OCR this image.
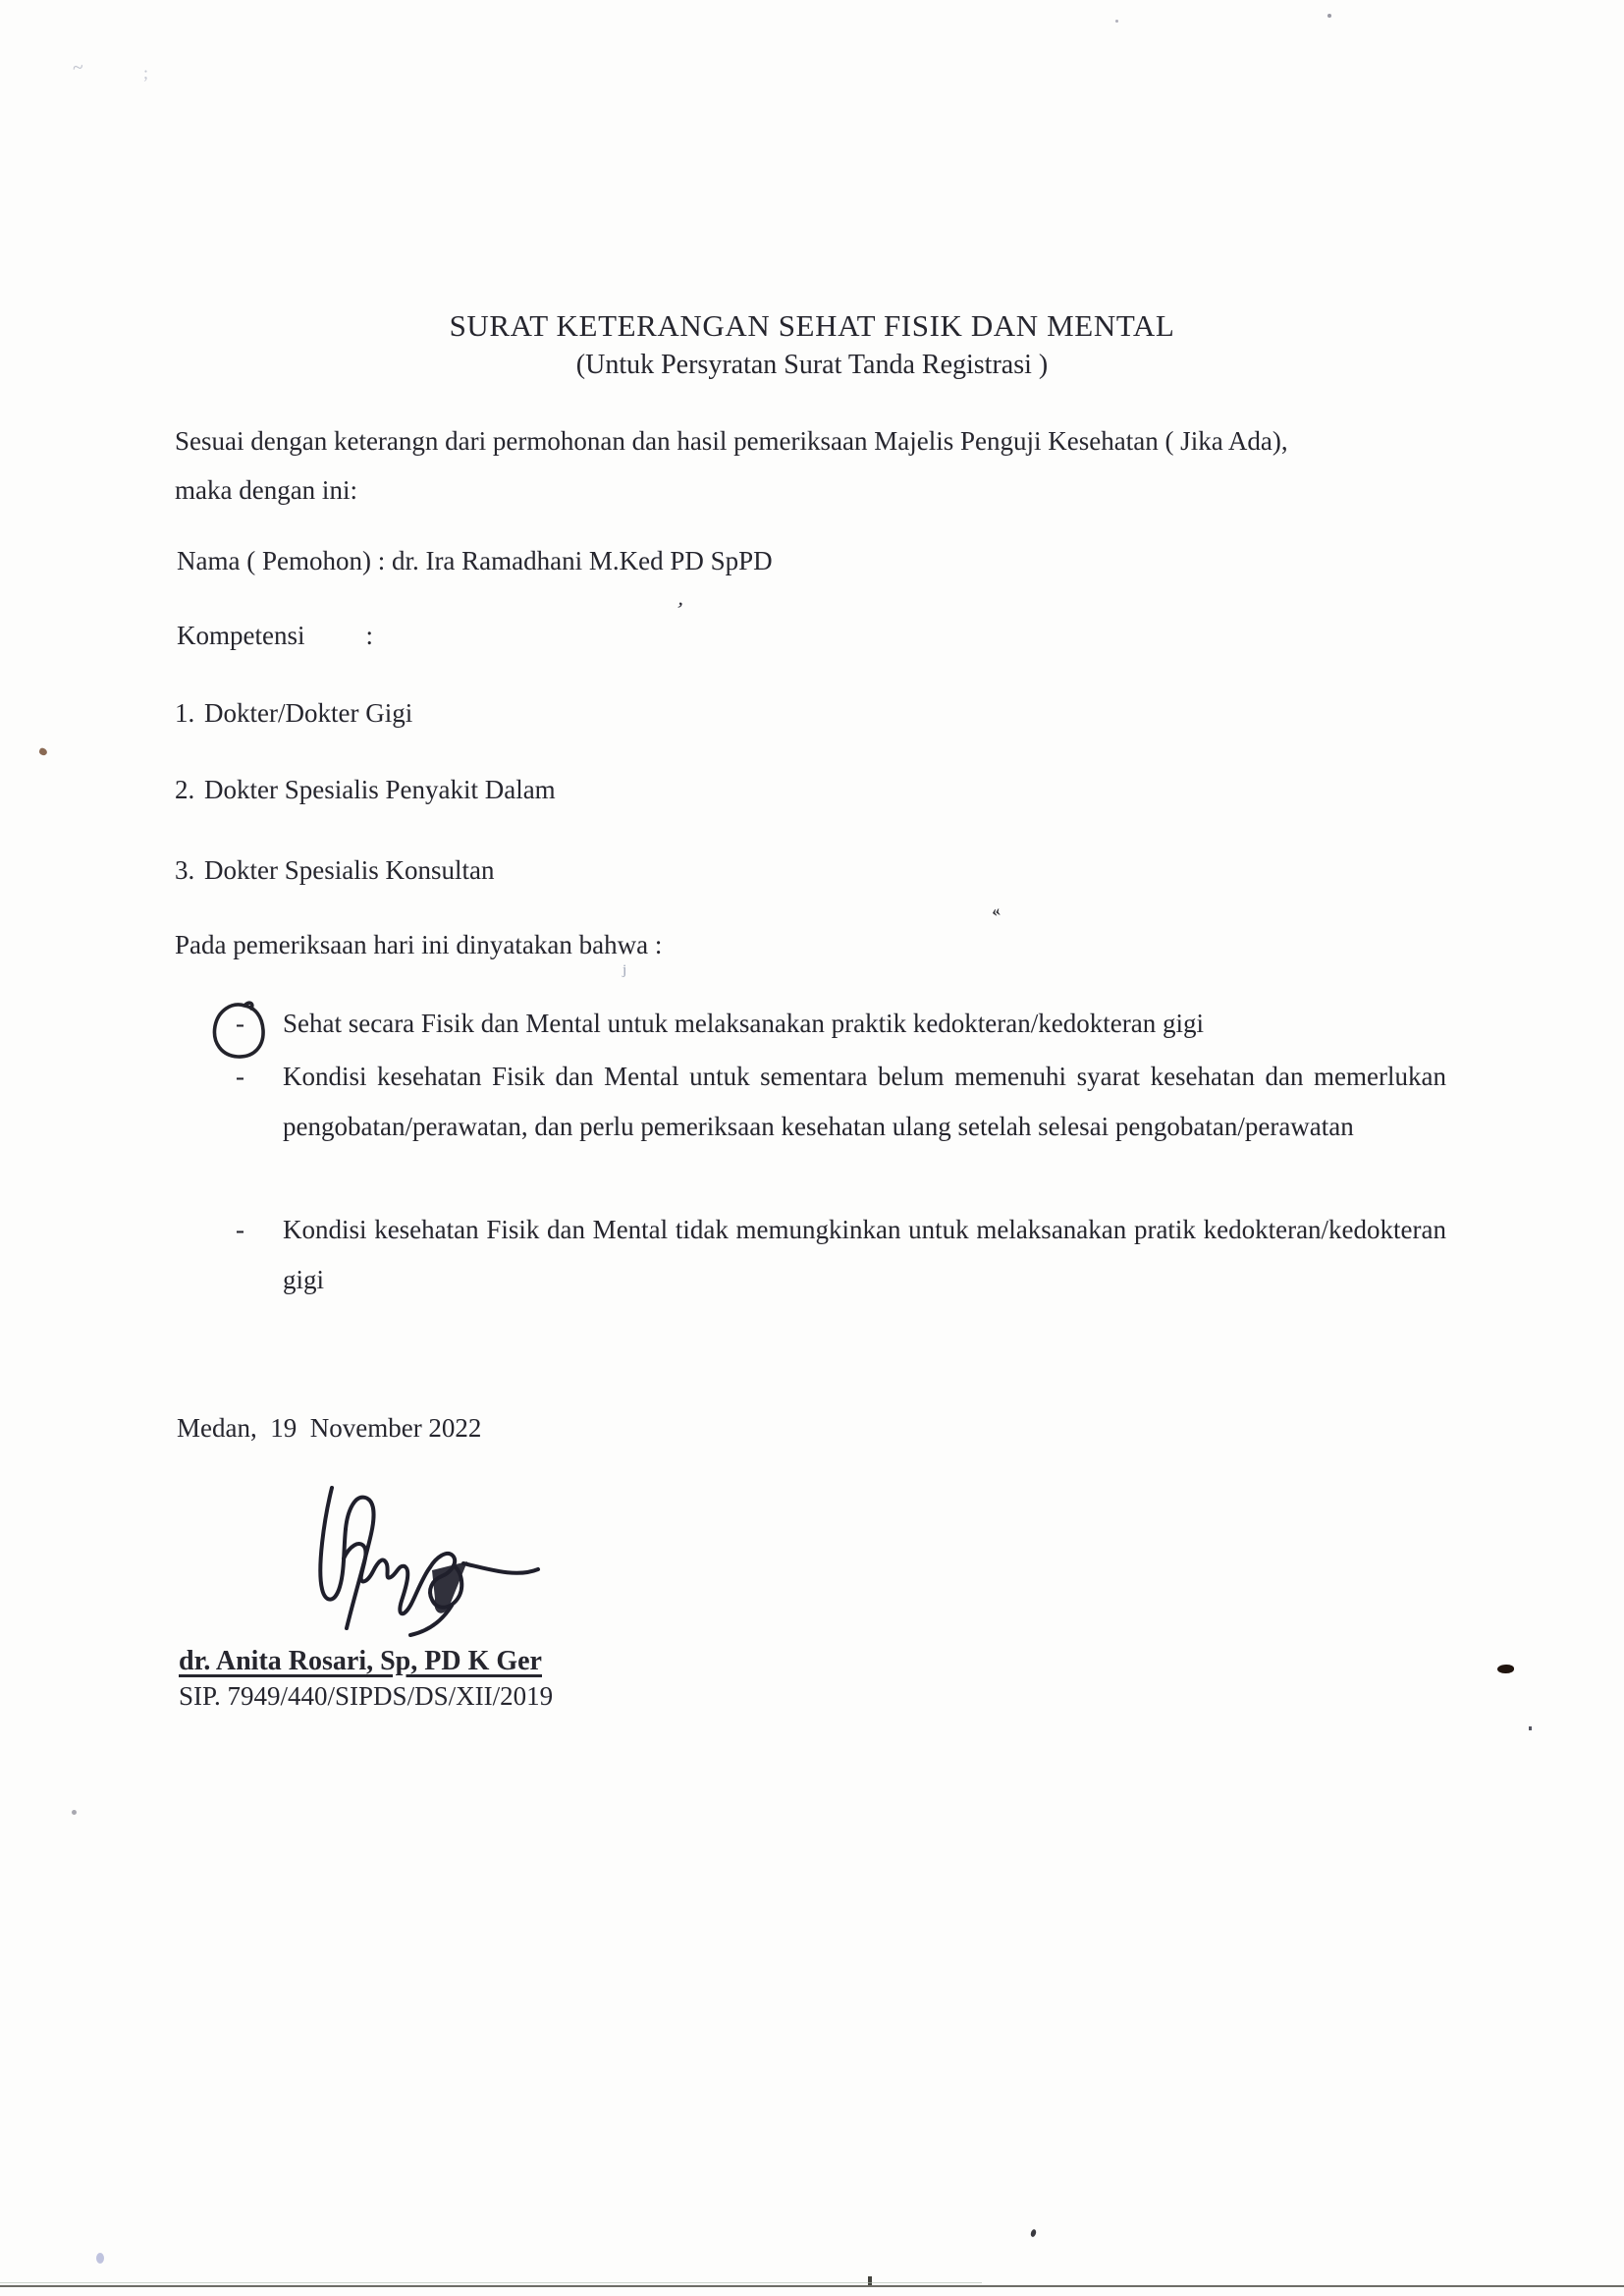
SURAT KETERANGAN SEHAT FISIK DAN MENTAL
(Untuk Persyratan Surat Tanda Registrasi )
Sesuai dengan keterangn dari permohonan dan hasil pemeriksaan Majelis Penguji Kesehatan ( Jika Ada),
maka dengan ini:
Nama ( Pemohon) : dr. Ira Ramadhani M.Ked PD SpPD
Kompetensi :
1. Dokter/Dokter Gigi
2. Dokter Spesialis Penyakit Dalam
3. Dokter Spesialis Konsultan
Pada pemeriksaan hari ini dinyatakan bahwa :
-	Sehat secara Fisik dan Mental untuk melaksanakan praktik kedokteran/kedokteran gigi
-	Kondisi kesehatan Fisik dan Mental untuk sementara belum memenuhi syarat kesehatan dan memerlukan pengobatan/perawatan, dan perlu pemeriksaan kesehatan ulang setelah selesai pengobatan/perawatan
-	Kondisi kesehatan Fisik dan Mental tidak memungkinkan untuk melaksanakan pratik kedokteran/kedokteran gigi
Medan,  19  November 2022
dr. Anita Rosari, Sp, PD K Ger
SIP. 7949/440/SIPDS/DS/XII/2019
~	;
’
«
j
